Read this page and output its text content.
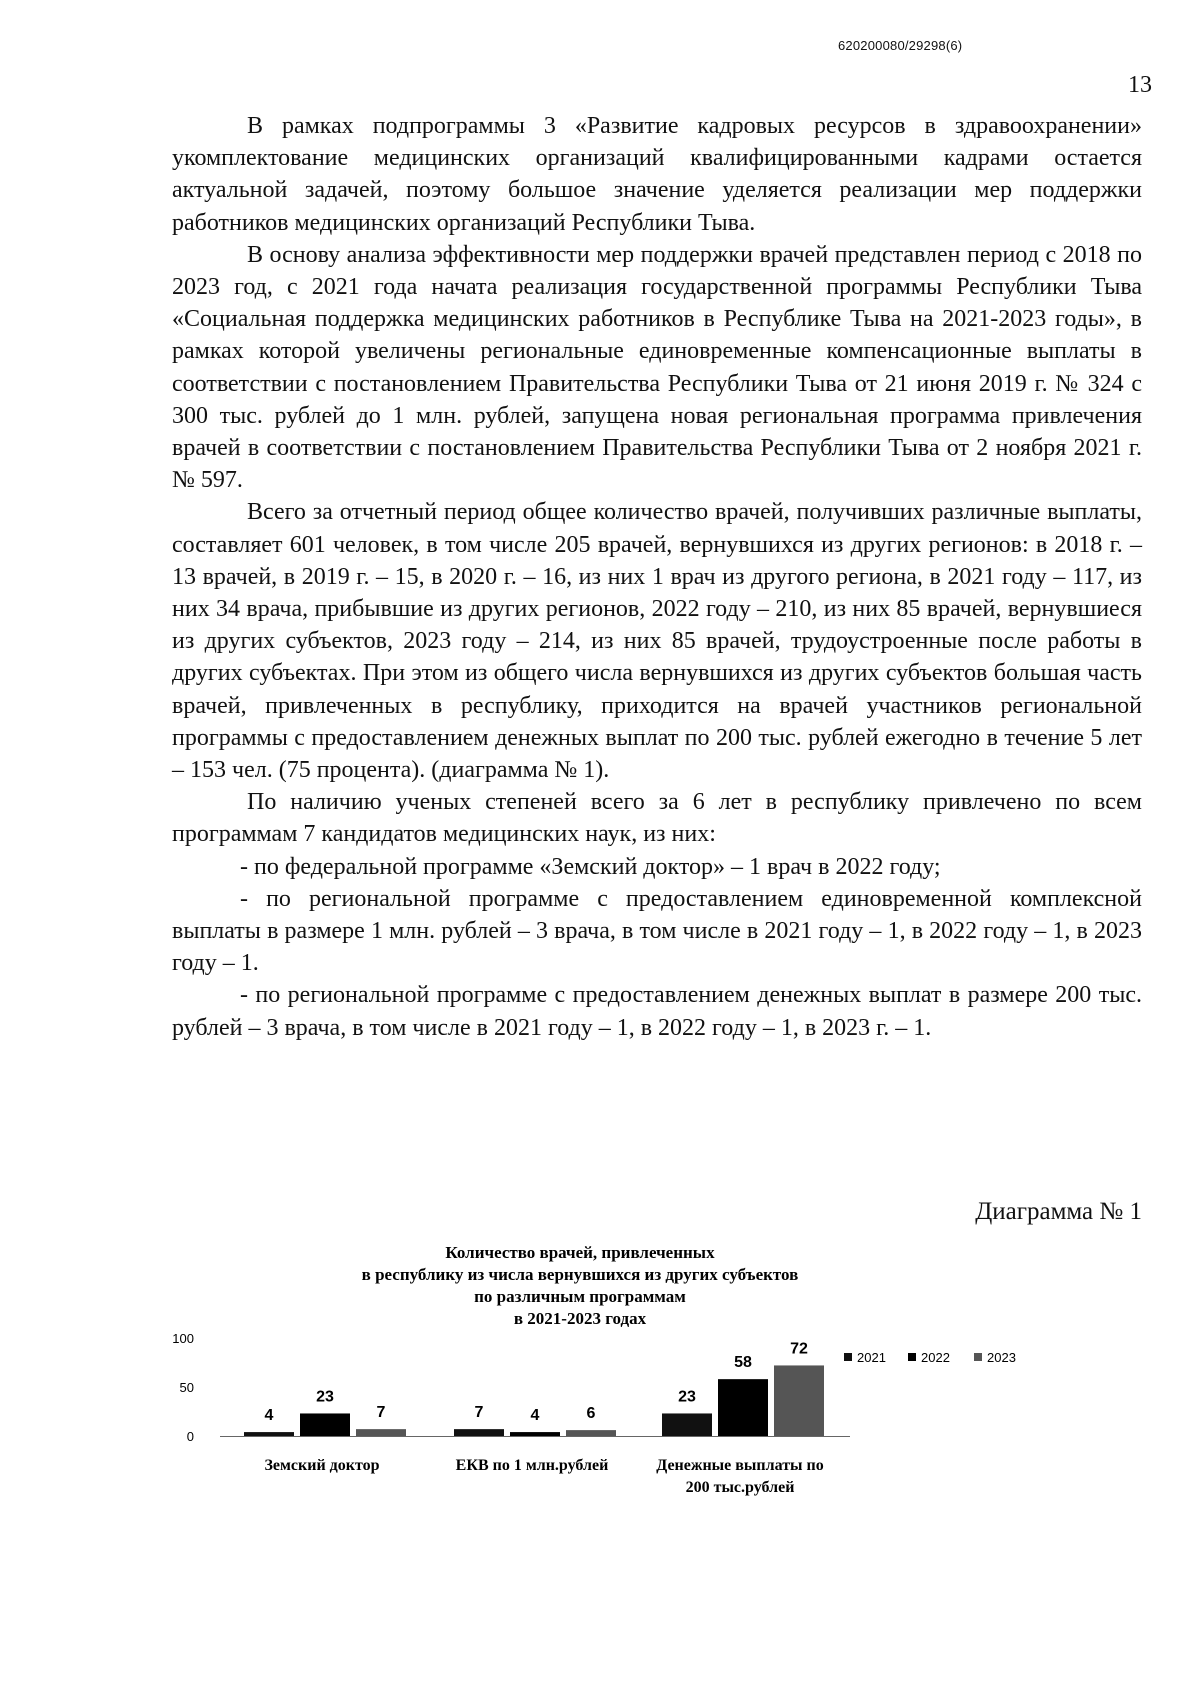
620200080/29298(6)
13

В рамках подпрограммы 3 «Развитие кадровых ресурсов в здравоохранении» укомплектование медицинских организаций квалифицированными кадрами остается актуальной задачей, поэтому большое значение уделяется реализации мер поддержки работников медицинских организаций Республики Тыва.

В основу анализа эффективности мер поддержки врачей представлен период с 2018 по 2023 год, с 2021 года начата реализация государственной программы Республики Тыва «Социальная поддержка медицинских работников в Республике Тыва на 2021-2023 годы», в рамках которой увеличены региональные единовременные компенсационные выплаты в соответствии с постановлением Правительства Республики Тыва от 21 июня 2019 г. № 324 с 300 тыс. рублей до 1 млн. рублей, запущена новая региональная программа привлечения врачей в соответствии с постановлением Правительства Республики Тыва от 2 ноября 2021 г. № 597.

Всего за отчетный период общее количество врачей, получивших различные выплаты, составляет 601 человек, в том числе 205 врачей, вернувшихся из других регионов: в 2018 г. – 13 врачей, в 2019 г. – 15, в 2020 г. – 16, из них 1 врач из другого региона, в 2021 году – 117, из них 34 врача, прибывшие из других регионов, 2022 году – 210, из них 85 врачей, вернувшиеся из других субъектов, 2023 году – 214, из них 85 врачей, трудоустроенные после работы в других субъектах. При этом из общего числа вернувшихся из других субъектов большая часть врачей, привлеченных в республику, приходится на врачей участников региональной программы с предоставлением денежных выплат по 200 тыс. рублей ежегодно в течение 5 лет – 153 чел. (75 процента). (диаграмма № 1).

По наличию ученых степеней всего за 6 лет в республику привлечено по всем программам 7 кандидатов медицинских наук, из них:

- по федеральной программе «Земский доктор» – 1 врач в 2022 году;

- по региональной программе с предоставлением единовременной комплексной выплаты в размере 1 млн. рублей – 3 врача, в том числе в 2021 году – 1, в 2022 году – 1, в 2023 году – 1.

- по региональной программе с предоставлением денежных выплат в размере 200 тыс. рублей – 3 врача, в том числе в 2021 году – 1, в 2022 году – 1, в 2023 г. – 1.

Диаграмма № 1
Количество врачей, привлеченных
в республику из числа вернувшихся из других субъектов
по различным программам
в 2021-2023 годах
0
50
100
4	7
23
23
4
58
7	6
72
Земский доктор	ЕКВ по 1 млн.рублей	Денежные выплаты по
200 тыс.рублей
2021	2022	2023
